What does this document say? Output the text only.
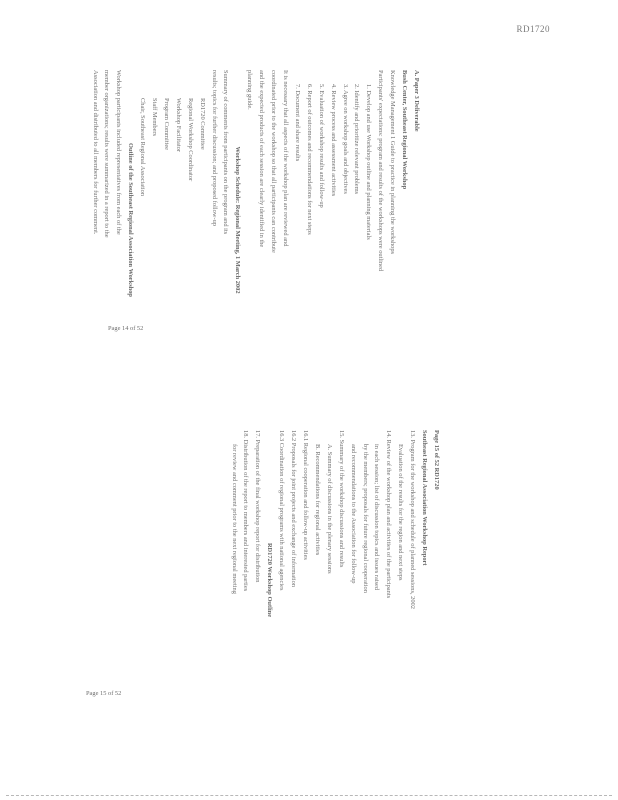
RD1720

A. Paper 3 Deliverable

Bush Center, Southeast Regional Workshop

Knowledge Management 1 Guide to practice in planning the workshops

Participants' expectations: program and results of the workshops were outlined

1. Develop and use Workshop outline and planning materials

2. Identify and prioritize relevant problems

3. Agree on workshop goals and objectives

4. Review process and assessment activities

5. Evaluation of workshop results and follow-up

6. Report of outcomes and recommendations for next steps

7. Document and share results

It is necessary that all aspects of the workshop plan are reviewed and

coordinated prior to the workshop so that all participants can contribute

and the expected products of each session are clearly identified in the

planning guide.

Workshop Schedule: Regional Meeting, 1 March 2002

Summary of comments from participants on the program and its

results; topics for further discussion; and proposed follow-up

RD1720 Committee

Regional Workshop Coordinator

Workshop Facilitator

Program Committee

Staff Members

Chair, Southeast Regional Association

Outline of the Southeast Regional Association Workshop

Workshop participants included representatives from each of the

member organizations; results were summarized in a report to the

Association and distributed to all members for further comment.

Page 14 of 52

Page 15 of 52 RD1720

Southeast Regional Association Workshop Report

13. Program for the workshop and schedule of planned sessions, 2002

Evaluation of the results for the region and next steps

14. Review of the workshop plan and activities of the participants

in each session; list of discussion topics and issues raised

by the members; proposals for future regional cooperation

and recommendations to the Association for follow-up

15. Summary of the workshop discussions and results

A. Summary of discussions in the plenary sessions

B. Recommendations for regional activities

16.1 Regional cooperation and follow-up activities

16.2 Proposals for joint projects and exchange of information

16.3 Coordination of regional programs with national agencies

RD1720 Workshop Outline

17. Preparation of the final workshop report for distribution

18. Distribution of the report to members and interested parties

for review and comment prior to the next regional meeting

Page 15 of 52
